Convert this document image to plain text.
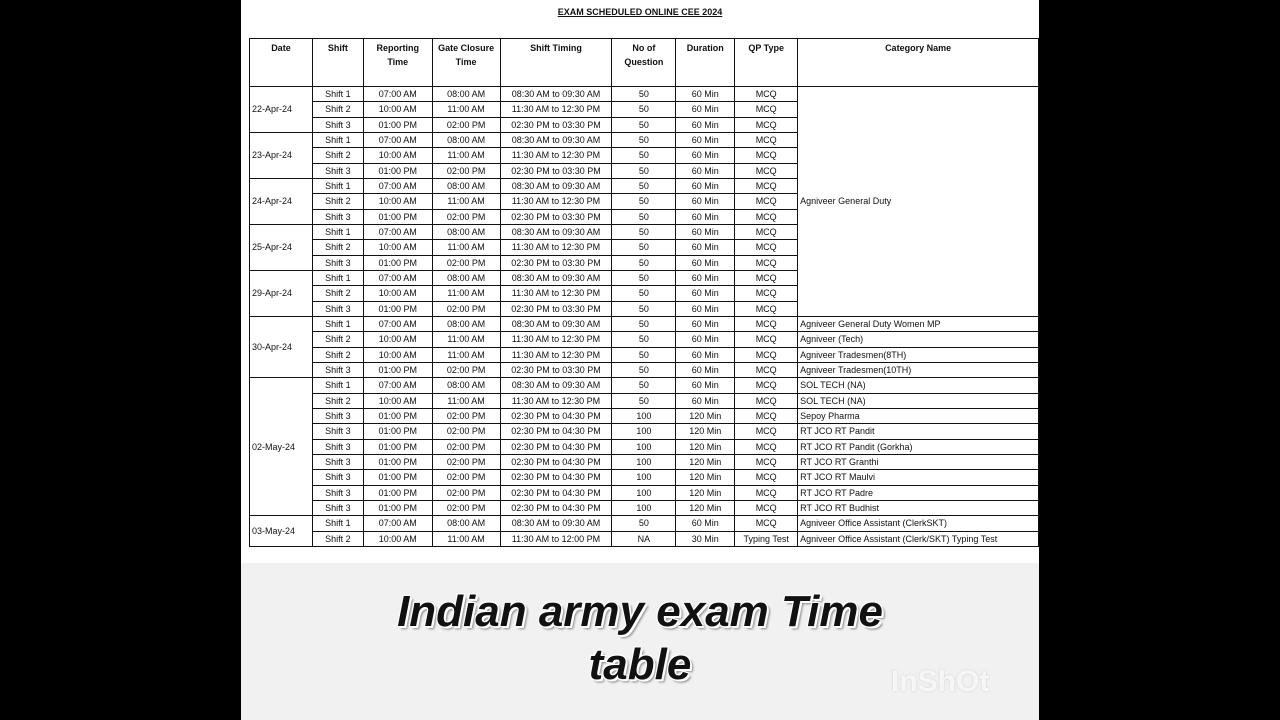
EXAM SCHEDULED ONLINE CEE 2024
Date	Shift	Reporting Time	Gate Closure Time	Shift Timing	No of Question	Duration	QP Type	Category Name
22-Apr-24	Shift 1	07:00 AM	08:00 AM	08:30 AM to 09:30 AM	50	60 Min	MCQ	Agniveer General Duty
	Shift 2	10:00 AM	11:00 AM	11:30 AM to 12:30 PM	50	60 Min	MCQ	
	Shift 3	01:00 PM	02:00 PM	02:30 PM to 03:30 PM	50	60 Min	MCQ	
23-Apr-24	Shift 1	07:00 AM	08:00 AM	08:30 AM to 09:30 AM	50	60 Min	MCQ	
	Shift 2	10:00 AM	11:00 AM	11:30 AM to 12:30 PM	50	60 Min	MCQ	
	Shift 3	01:00 PM	02:00 PM	02:30 PM to 03:30 PM	50	60 Min	MCQ	
24-Apr-24	Shift 1	07:00 AM	08:00 AM	08:30 AM to 09:30 AM	50	60 Min	MCQ	
	Shift 2	10:00 AM	11:00 AM	11:30 AM to 12:30 PM	50	60 Min	MCQ	
	Shift 3	01:00 PM	02:00 PM	02:30 PM to 03:30 PM	50	60 Min	MCQ	
25-Apr-24	Shift 1	07:00 AM	08:00 AM	08:30 AM to 09:30 AM	50	60 Min	MCQ	
	Shift 2	10:00 AM	11:00 AM	11:30 AM to 12:30 PM	50	60 Min	MCQ	
	Shift 3	01:00 PM	02:00 PM	02:30 PM to 03:30 PM	50	60 Min	MCQ	
29-Apr-24	Shift 1	07:00 AM	08:00 AM	08:30 AM to 09:30 AM	50	60 Min	MCQ	
	Shift 2	10:00 AM	11:00 AM	11:30 AM to 12:30 PM	50	60 Min	MCQ	
	Shift 3	01:00 PM	02:00 PM	02:30 PM to 03:30 PM	50	60 Min	MCQ	
30-Apr-24	Shift 1	07:00 AM	08:00 AM	08:30 AM to 09:30 AM	50	60 Min	MCQ	Agniveer General Duty Women MP
	Shift 2	10:00 AM	11:00 AM	11:30 AM to 12:30 PM	50	60 Min	MCQ	Agniveer (Tech)
	Shift 2	10:00 AM	11:00 AM	11:30 AM to 12:30 PM	50	60 Min	MCQ	Agniveer Tradesmen(8TH)
	Shift 3	01:00 PM	02:00 PM	02:30 PM to 03:30 PM	50	60 Min	MCQ	Agniveer Tradesmen(10TH)
02-May-24	Shift 1	07:00 AM	08:00 AM	08:30 AM to 09:30 AM	50	60 Min	MCQ	SOL TECH (NA)
	Shift 2	10:00 AM	11:00 AM	11:30 AM to 12:30 PM	50	60 Min	MCQ	SOL TECH (NA)
	Shift 3	01:00 PM	02:00 PM	02:30 PM to 04:30 PM	100	120 Min	MCQ	Sepoy Pharma
	Shift 3	01:00 PM	02:00 PM	02:30 PM to 04:30 PM	100	120 Min	MCQ	RT JCO RT Pandit
	Shift 3	01:00 PM	02:00 PM	02:30 PM to 04:30 PM	100	120 Min	MCQ	RT JCO RT Pandit (Gorkha)
	Shift 3	01:00 PM	02:00 PM	02:30 PM to 04:30 PM	100	120 Min	MCQ	RT JCO RT Granthi
	Shift 3	01:00 PM	02:00 PM	02:30 PM to 04:30 PM	100	120 Min	MCQ	RT JCO RT Maulvi
	Shift 3	01:00 PM	02:00 PM	02:30 PM to 04:30 PM	100	120 Min	MCQ	RT JCO RT Padre
	Shift 3	01:00 PM	02:00 PM	02:30 PM to 04:30 PM	100	120 Min	MCQ	RT JCO RT Budhist
03-May-24	Shift 1	07:00 AM	08:00 AM	08:30 AM to 09:30 AM	50	60 Min	MCQ	Agniveer Office Assistant (ClerkSKT)
	Shift 2	10:00 AM	11:00 AM	11:30 AM to 12:00 PM	NA	30 Min	Typing Test	Agniveer Office Assistant (Clerk/SKT) Typing Test
Indian army exam Time
table	InShOt
